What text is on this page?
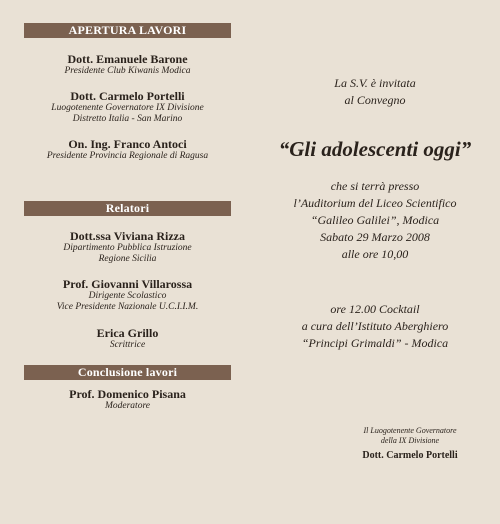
APERTURA LAVORI
Dott. Emanuele Barone
Presidente Club Kiwanis Modica
Dott. Carmelo Portelli
Luogotenente Governatore IX Divisione
Distretto Italia - San Marino
On. Ing. Franco Antoci
Presidente Provincia Regionale di Ragusa
Relatori
Dott.ssa Viviana Rizza
Dipartimento Pubblica Istruzione
Regione Sicilia
Prof. Giovanni Villarossa
Dirigente Scolastico
Vice Presidente Nazionale U.C.I.I.M.
Erica Grillo
Scrittrice
Conclusione lavori
Prof. Domenico Pisana
Moderatore
La S.V. è invitata
al Convegno
“Gli adolescenti oggi”
che si terrà presso
l’Auditorium del Liceo Scientifico
“Galileo Galilei”, Modica
Sabato 29 Marzo 2008
alle ore 10,00
ore 12.00 Cocktail
a cura dell’Istituto Aberghiero
“Principi Grimaldi” - Modica
Il Luogotenente Governatore
della IX Divisione
Dott. Carmelo Portelli
